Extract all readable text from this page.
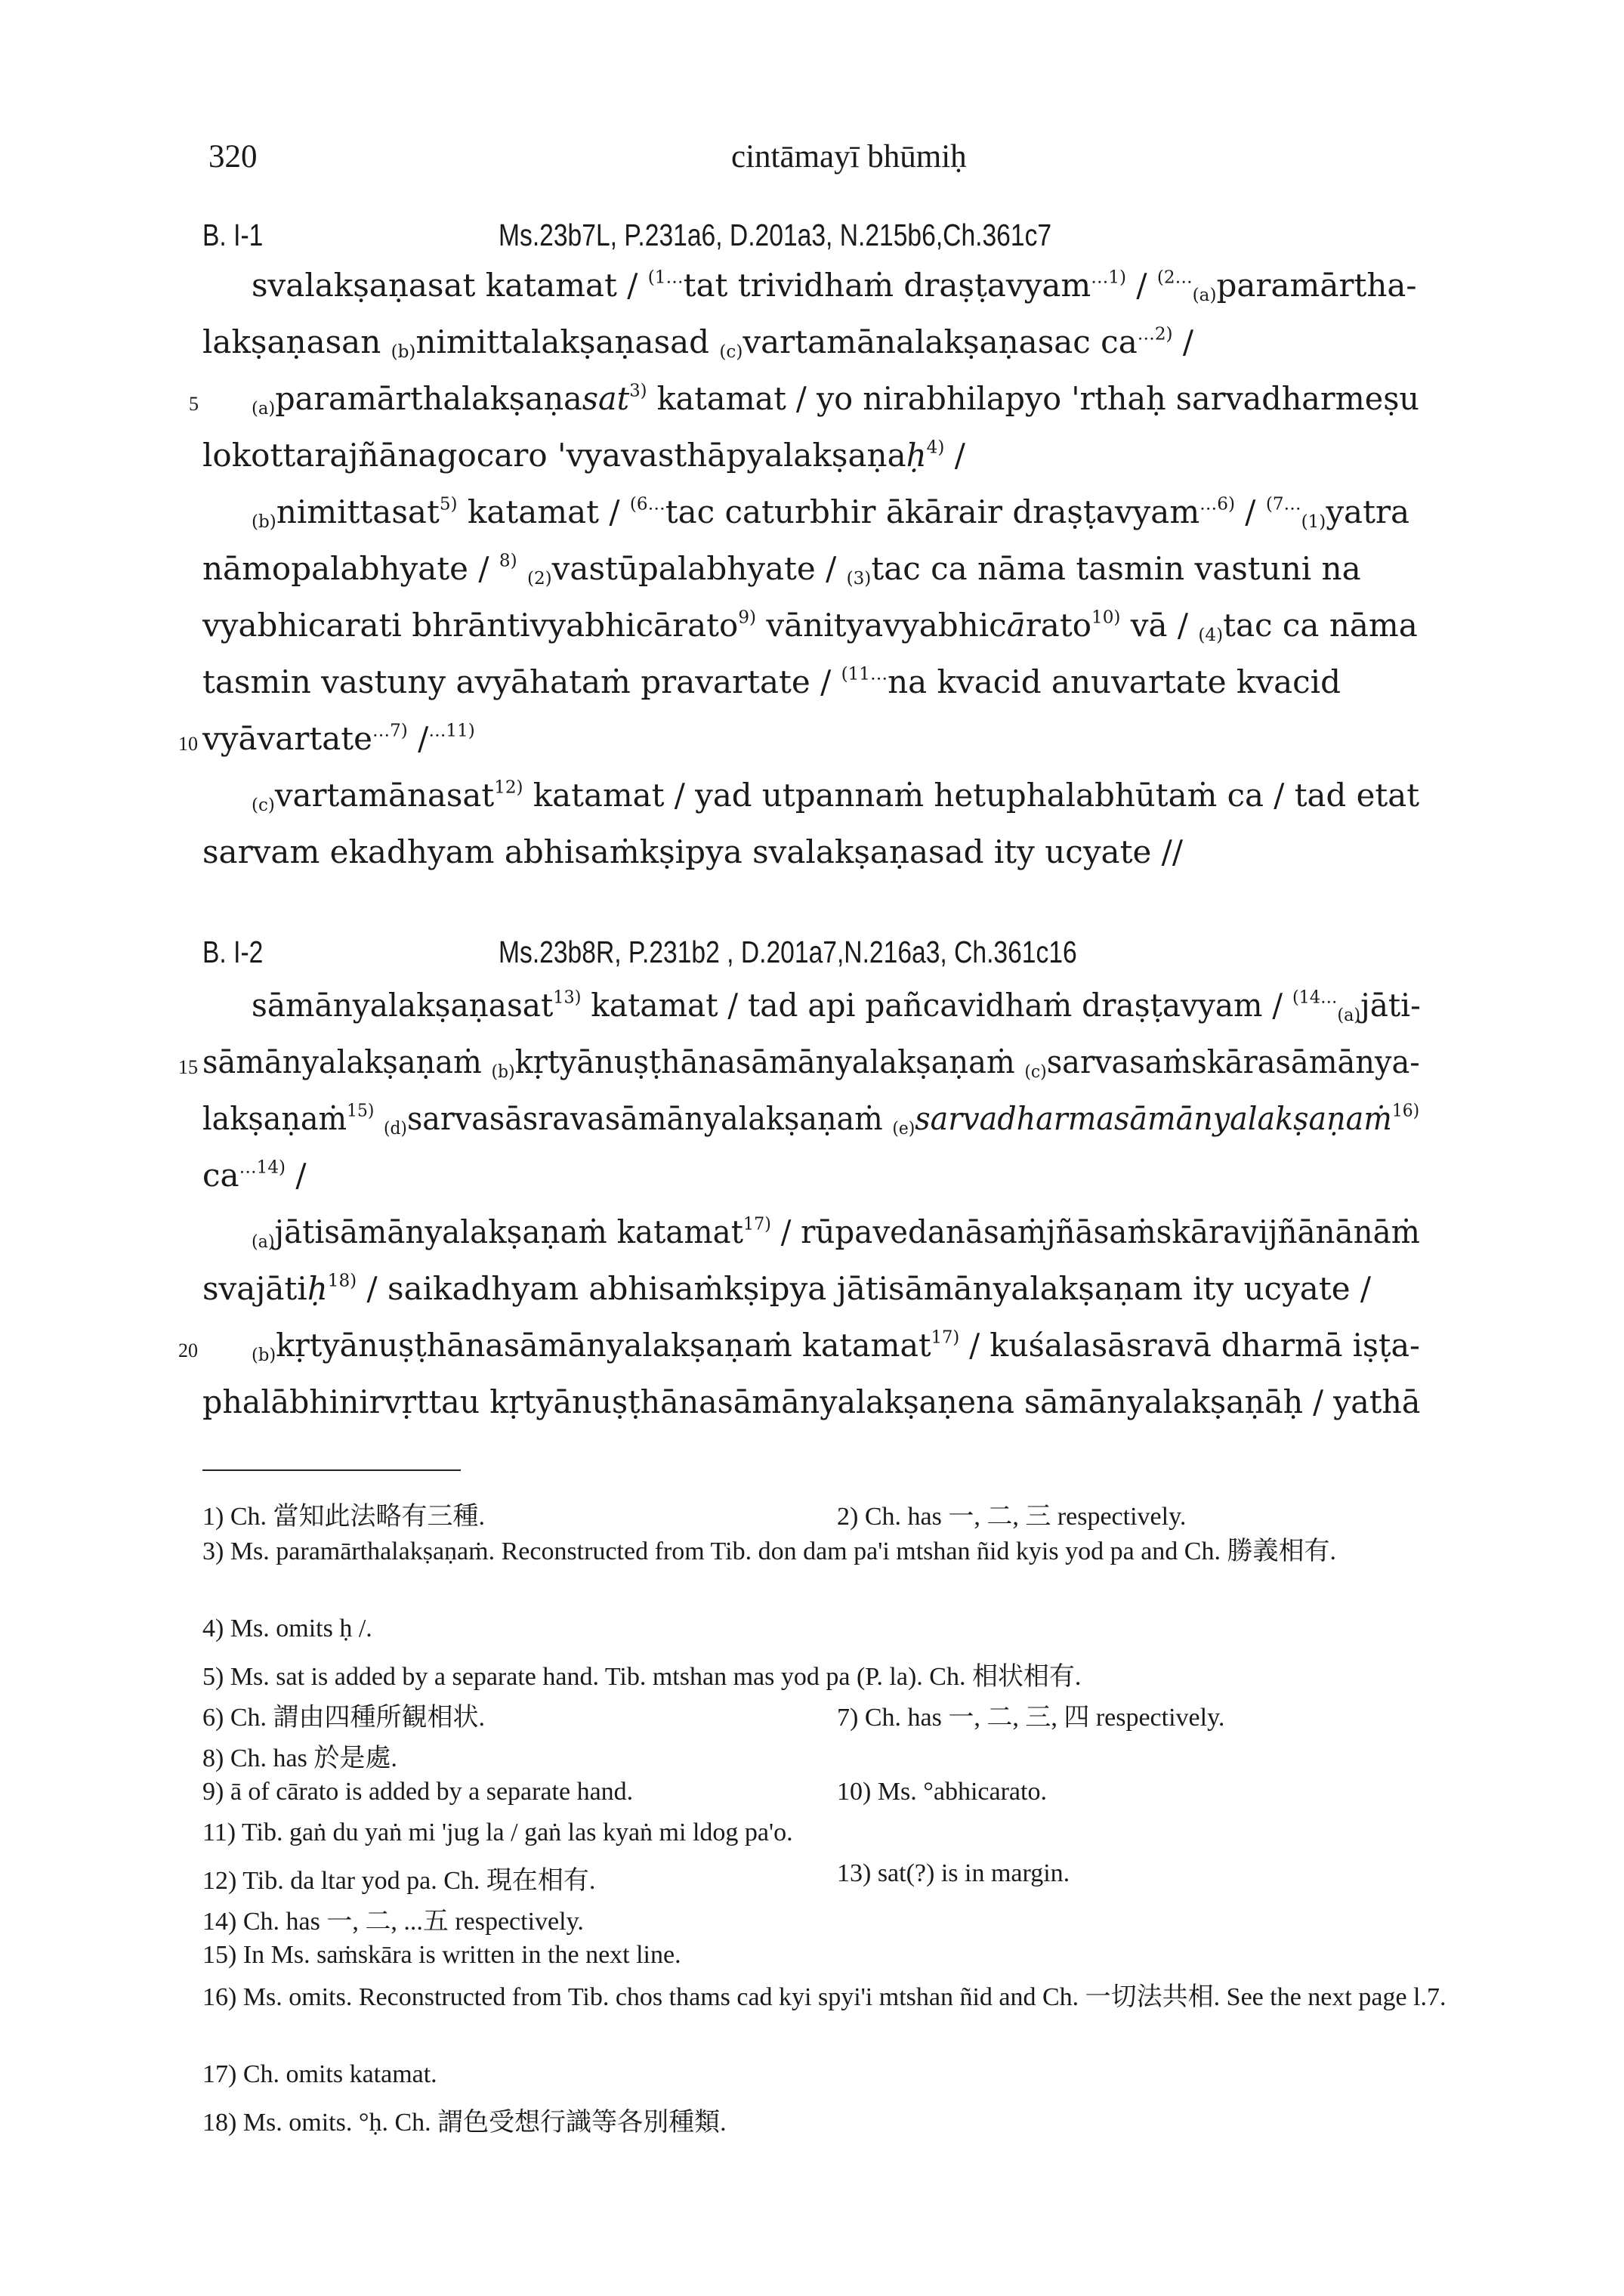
320	cintāmayī bhūmiḥ
B. I-1	Ms.23b7L, P.231a6, D.201a3, N.215b6,Ch.361c7
svalakṣaṇasat katamat / $^{(1\dots}$tat trividhaṁ draṣṭavyam$^{\dots 1)}$ / $^{(2\dots}_{(a)}$paramārtha-
lakṣaṇasan $_{(b)}$nimittalakṣaṇasad $_{(c)}$vartamānalakṣaṇasac $ca^{\dots 2)}$ /
$_{(a)}$paramārthalakṣaṇasat$^{3)}$ katamat / yo nirabhilapyo 'rthaḥ sarvadharmeṣu
5
lokottarajñānagocaro 'vyavasthāpyalakṣaṇaḥ$^{4)}$ /
$_{(b)}$nimittasat$^{5)}$ katamat / $^{(6\dots}$tac caturbhir ākārair draṣṭavyam$^{\dots 6)}$ / $^{(7\dots}_{(1)}$yatra
nāmopalabhyate / $^{8)}$ $_{(2)}$vastūpalabhyate / $_{(3)}$tac ca nāma tasmin vastuni na
vyabhicarati bhrāntivyabhicārato$^{9)}$ vānityavyabhicārato$^{10)}$ vā / $_{(4)}$tac ca nāma
tasmin vastuny avyāhataṁ pravartate / $^{(11\dots}$na kvacid anuvartate kvacid
10 vyāvartate$^{\dots 7)}$ /$^{\dots 11)}$
$_{(c)}$vartamānasat$^{12)}$ katamat / yad utpannaṁ hetuphalabhūtaṁ ca / tad etat
sarvam ekadhyam abhisaṁkṣipya svalakṣaṇasad ity ucyate //
B. I-2	Ms.23b8R, P.231b2 , D.201a7,N.216a3, Ch.361c16
sāmānyalakṣaṇasat$^{13)}$ katamat / tad api pañcavidhaṁ draṣṭavyam / $^{(14\dots}_{(a)}$jāti-
15 sāmānyalakṣaṇaṁ $_{(b)}$kṛtyānuṣṭhānasāmānyalakṣaṇaṁ $_{(c)}$sarvasaṁskārasāmānya-
lakṣaṇaṁ$^{15)}$ $_{(d)}$sarvasāsravasāmānyalakṣaṇaṁ $_{(e)}$sarvadharmasāmānyalakṣaṇaṁ$^{16)}$
$ca^{\dots 14)}$ /
$_{(a)}$jātisāmānyalakṣaṇaṁ katamat$^{17)}$ / rūpavedanāsaṁjñāsaṁskāravijñānānāṁ
svajātiḥ$^{18)}$ / saikadhyam abhisaṁkṣipya jātisāmānyalakṣaṇam ity ucyate /
20	$_{(b)}$kṛtyānuṣṭhānasāmānyalakṣaṇaṁ katamat$^{17)}$ / kuśalasāsravā dharmā iṣṭa-
phalābhinirvṛttau kṛtyānuṣṭhānasāmānyalakṣaṇena sāmānyalakṣaṇāḥ / yathā
1) Ch. 當知此法略有三種.	2) Ch. has 一, 二, 三 respectively.
3) Ms. paramārthalakṣaṇaṁ. Reconstructed from Tib. don dam pa'i mtshan ñid kyis yod pa and Ch. 勝義相有.
4) Ms. omits ḥ /.
5) Ms. sat is added by a separate hand. Tib. mtshan mas yod pa (P. la). Ch. 相状相有.
6) Ch. 謂由四種所観相状.	7) Ch. has 一, 二, 三, 四 respectively.
8) Ch. has 於是處.
9) ā of cārato is added by a separate hand.	10) Ms. °abhicarato.
11) Tib. gaṅ du yaṅ mi 'jug la / gaṅ las kyaṅ mi ldog pa'o.
12) Tib. da ltar yod pa. Ch. 現在相有.	13) sat(?) is in margin.
14) Ch. has 一, 二, ...五 respectively.
15) In Ms. saṁskāra is written in the next line.
16) Ms. omits. Reconstructed from Tib. chos thams cad kyi spyi'i mtshan ñid and Ch. 一切法共相. See the next page l.7.
17) Ch. omits katamat.
18) Ms. omits. °ḥ. Ch. 謂色受想行識等各別種類.
